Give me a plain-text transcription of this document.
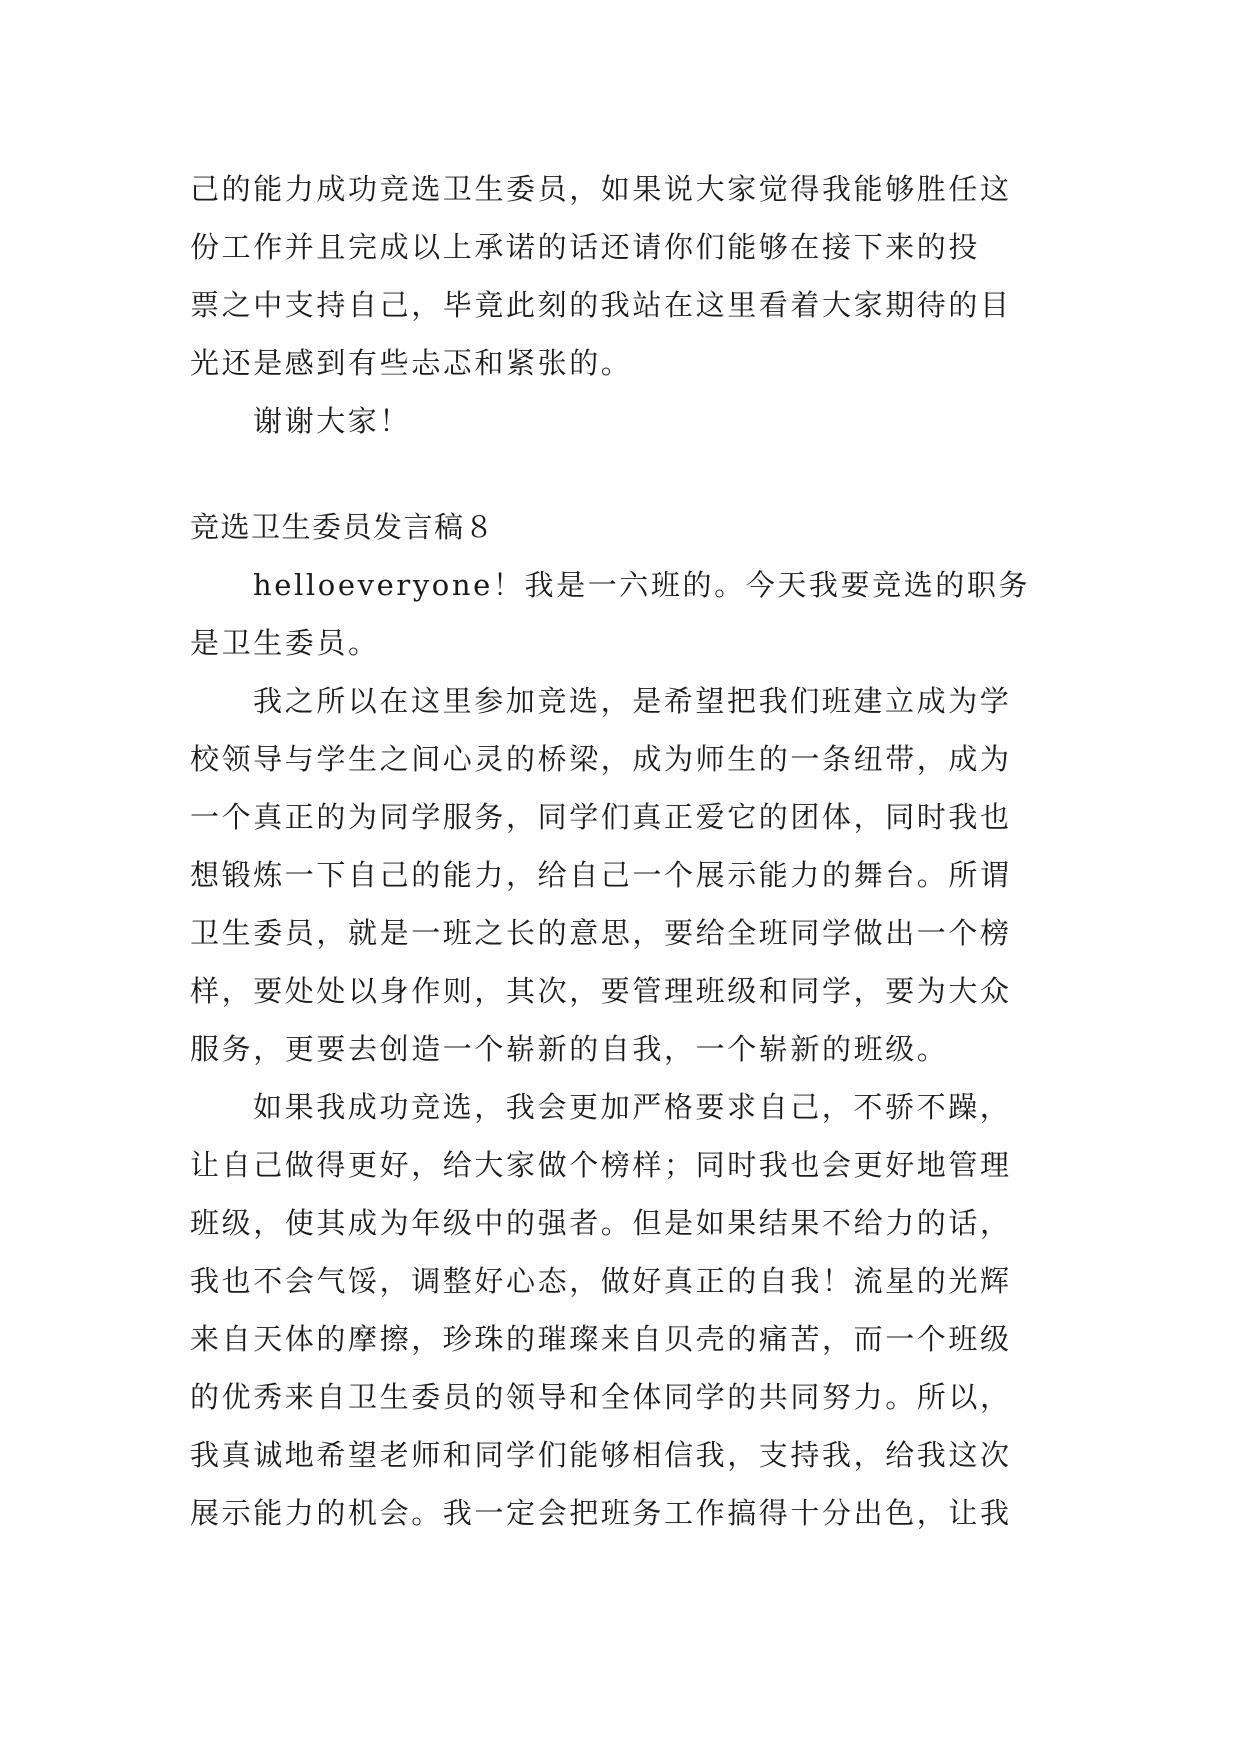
己的能力成功竞选卫生委员，如果说大家觉得我能够胜任这

份工作并且完成以上承诺的话还请你们能够在接下来的投

票之中支持自己，毕竟此刻的我站在这里看着大家期待的目

光还是感到有些忐忑和紧张的。

谢谢大家！

竞选卫生委员发言稿８

helloeveryone！我是一六班的。今天我要竞选的职务

是卫生委员。

我之所以在这里参加竞选，是希望把我们班建立成为学

校领导与学生之间心灵的桥梁，成为师生的一条纽带，成为

一个真正的为同学服务，同学们真正爱它的团体，同时我也

想锻炼一下自己的能力，给自己一个展示能力的舞台。所谓

卫生委员，就是一班之长的意思，要给全班同学做出一个榜

样，要处处以身作则，其次，要管理班级和同学，要为大众

服务，更要去创造一个崭新的自我，一个崭新的班级。

如果我成功竞选，我会更加严格要求自己，不骄不躁，

让自己做得更好，给大家做个榜样；同时我也会更好地管理

班级，使其成为年级中的强者。但是如果结果不给力的话，

我也不会气馁，调整好心态，做好真正的自我！流星的光辉

来自天体的摩擦，珍珠的璀璨来自贝壳的痛苦，而一个班级

的优秀来自卫生委员的领导和全体同学的共同努力。所以，

我真诚地希望老师和同学们能够相信我，支持我，给我这次

展示能力的机会。我一定会把班务工作搞得十分出色，让我
